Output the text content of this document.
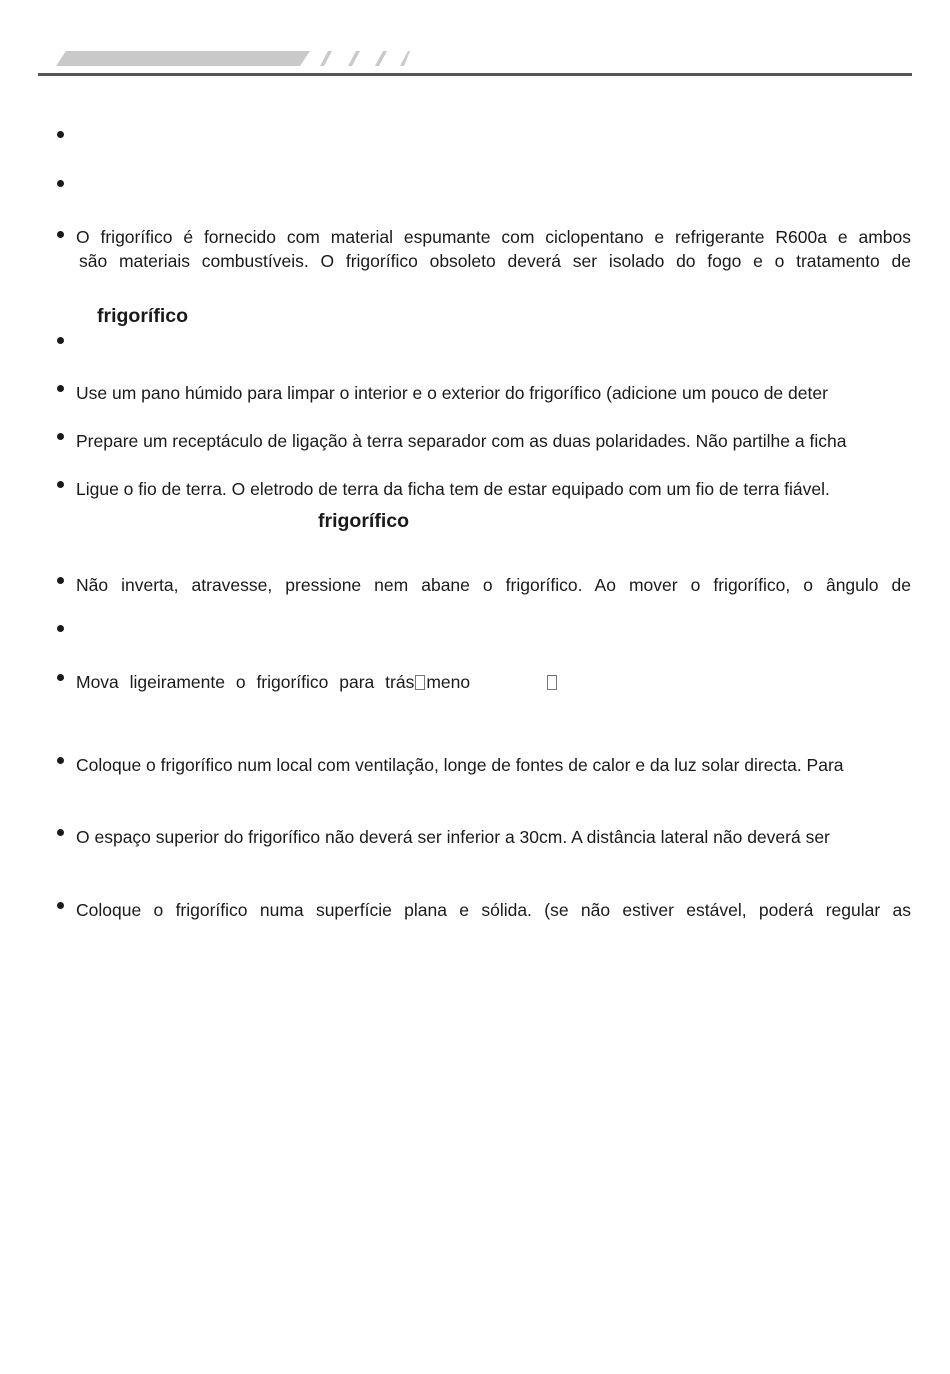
O frigorífico é fornecido com material espumante com ciclopentano e refrigerante R600a e ambos
são materiais combustíveis. O frigorífico obsoleto deverá ser isolado do fogo e o tratamento de
frigorífico
Use um pano húmido para limpar o interior e o exterior do frigorífico (adicione um pouco de deter
Prepare um receptáculo de ligação à terra separador com as duas polaridades. Não partilhe a ficha
Ligue o fio de terra. O eletrodo de terra da ficha tem de estar equipado com um fio de terra fiável.
frigorífico
Não inverta, atravesse, pressione nem abane o frigorífico. Ao mover o frigorífico, o ângulo de
Mova ligeiramente o frigorífico para trás meno
Coloque o frigorífico num local com ventilação, longe de fontes de calor e da luz solar directa. Para
O espaço superior do frigorífico não deverá ser inferior a 30cm. A distância lateral não deverá ser
Coloque o frigorífico numa superfície plana e sólida. (se não estiver estável, poderá regular as
